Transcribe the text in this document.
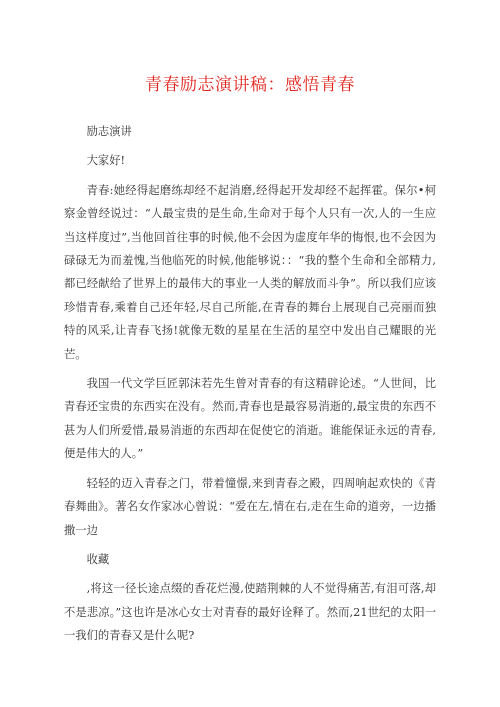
青春励志演讲稿：感悟青春

励志演讲

大家好!

青春:她经得起磨练却经不起消磨,经得起开发却经不起挥霍。保尔•柯察金曾经说过：“人最宝贵的是生命,生命对于每个人只有一次,人的一生应当这样度过”,当他回首往事的时候,他不会因为虚度年华的悔恨,也不会因为碌碌无为而羞愧,当他临死的时候,他能够说：：“我的整个生命和全部精力,都已经献给了世界上的最伟大的事业一人类的解放而斗争”。所以我们应该珍惜青春,乘着自己还年轻,尽自己所能,在青春的舞台上展现自己亮丽而独特的风采,让青春飞扬!就像无数的星星在生活的星空中发出自己耀眼的光芒。

我国一代文学巨匠郭沫若先生曾对青春的有这精辟论述。“人世间，比青春还宝贵的东西实在没有。然而,青春也是最容易消逝的,最宝贵的东西不甚为人们所爱惜,最易消逝的东西却在促使它的消逝。谁能保证永远的青春,便是伟大的人。”

轻轻的迈入青春之门，带着憧憬,来到青春之殿，四周响起欢快的《青春舞曲》。著名女作家冰心曾说：“爱在左,情在右,走在生命的道旁，一边播撒一边

收藏

,将这一径长途点缀的香花烂漫,使踏荆棘的人不觉得痛苦,有泪可落,却不是悲凉。”这也许是冰心女士对青春的最好诠释了。然而,21世纪的太阳一一我们的青春又是什么呢?
